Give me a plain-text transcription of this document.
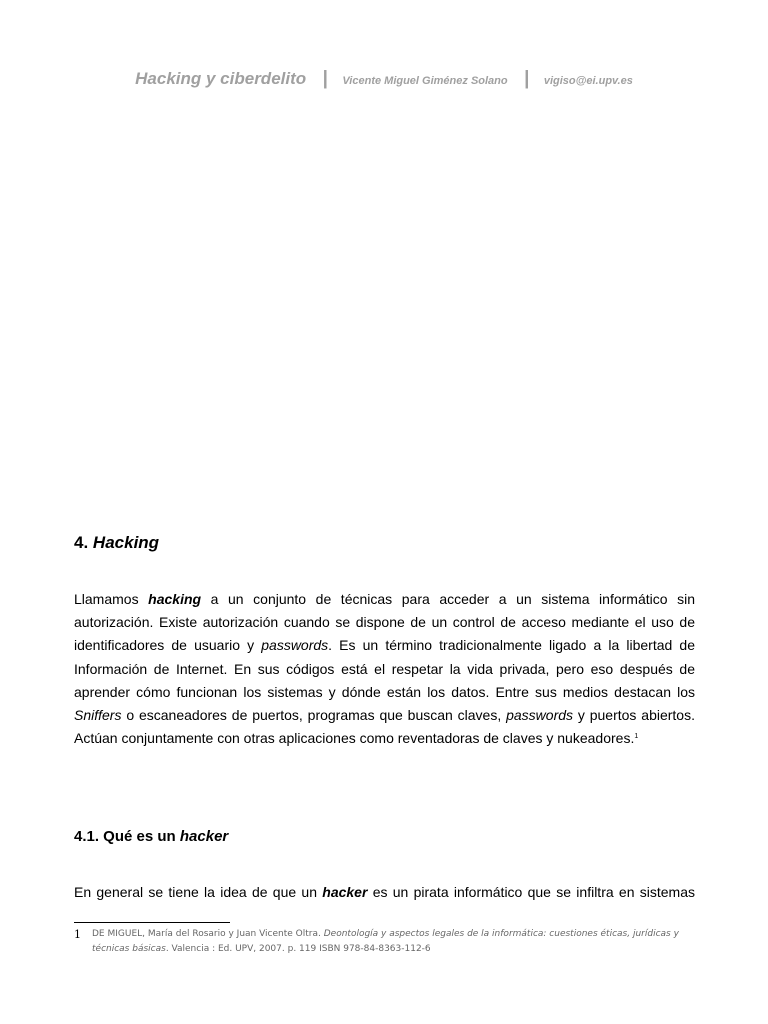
Hacking y ciberdelito | Vicente Miguel Giménez Solano | vigiso@ei.upv.es
4. Hacking

Llamamos hacking a un conjunto de técnicas para acceder a un sistema informático sin autorización. Existe autorización cuando se dispone de un control de acceso mediante el uso de identificadores de usuario y passwords. Es un término tradicionalmente ligado a la libertad de Información de Internet. En sus códigos está el respetar la vida privada, pero eso después de aprender cómo funcionan los sistemas y dónde están los datos. Entre sus medios destacan los Sniffers o escaneadores de puertos, programas que buscan claves, passwords y puertos abiertos. Actúan conjuntamente con otras aplicaciones como reventadoras de claves y nukeadores.$^1$

4.1. Qué es un hacker

En general se tiene la idea de que un hacker es un pirata informático que se infiltra en sistemas

1 DE MIGUEL, María del Rosario y Juan Vicente Oltra. Deontología y aspectos legales de la informática: cuestiones éticas, jurídicas y técnicas básicas. Valencia : Ed. UPV, 2007. p. 119 ISBN 978-84-8363-112-6
